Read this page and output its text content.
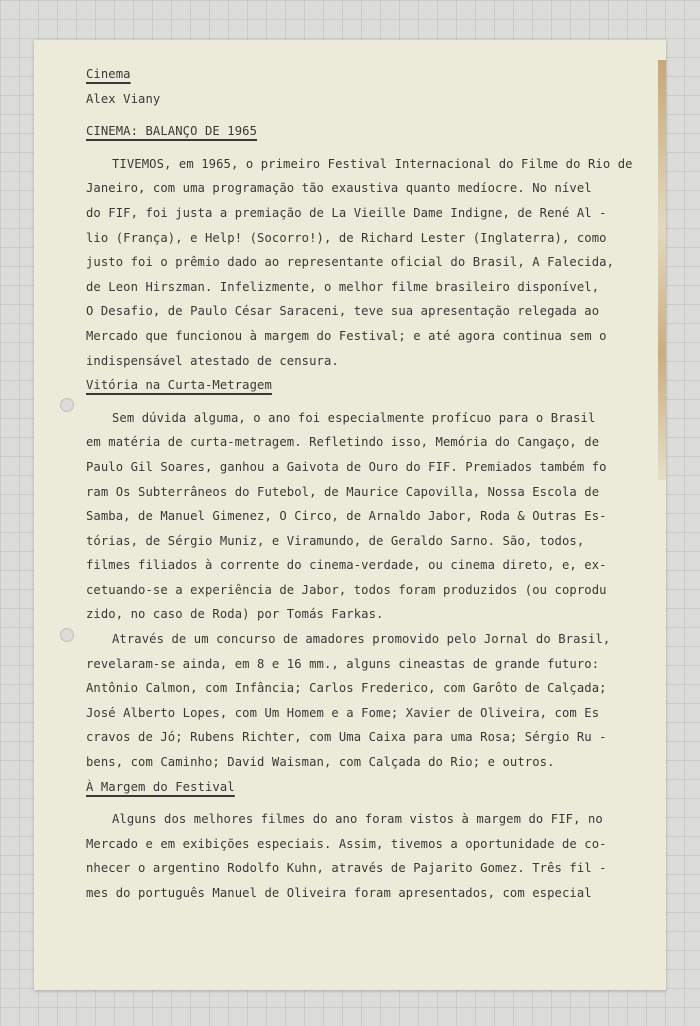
Cinema
Alex Viany
CINEMA: BALANÇO DE 1965
TIVEMOS, em 1965, o primeiro Festival Internacional do Filme do Rio de
Janeiro, com uma programação tão exaustiva quanto medíocre. No nível
do FIF, foi justa a premiação de La Vieille Dame Indigne, de René Al -
lio (França), e Help! (Socorro!), de Richard Lester (Inglaterra), como
justo foi o prêmio dado ao representante oficial do Brasil, A Falecida,
de Leon Hirszman. Infelizmente, o melhor filme brasileiro disponível,
O Desafio, de Paulo César Saraceni, teve sua apresentação relegada ao
Mercado que funcionou à margem do Festival; e até agora continua sem o
indispensável atestado de censura.
Vitória na Curta-Metragem
Sem dúvida alguma, o ano foi especialmente profícuo para o Brasil
em matéria de curta-metragem. Refletindo isso, Memória do Cangaço, de
Paulo Gil Soares, ganhou a Gaivota de Ouro do FIF. Premiados também fo
ram Os Subterrâneos do Futebol, de Maurice Capovilla, Nossa Escola de
Samba, de Manuel Gimenez, O Circo, de Arnaldo Jabor, Roda & Outras Es-
tórias, de Sérgio Muniz, e Viramundo, de Geraldo Sarno. São, todos,
filmes filiados à corrente do cinema-verdade, ou cinema direto, e, ex-
cetuando-se a experiência de Jabor, todos foram produzidos (ou coprodu
zido, no caso de Roda) por Tomás Farkas.
Através de um concurso de amadores promovido pelo Jornal do Brasil,
revelaram-se ainda, em 8 e 16 mm., alguns cineastas de grande futuro:
Antônio Calmon, com Infância; Carlos Frederico, com Garôto de Calçada;
José Alberto Lopes, com Um Homem e a Fome; Xavier de Oliveira, com Es
cravos de Jó; Rubens Richter, com Uma Caixa para uma Rosa; Sérgio Ru -
bens, com Caminho; David Waisman, com Calçada do Rio; e outros.
À Margem do Festival
Alguns dos melhores filmes do ano foram vistos à margem do FIF, no
Mercado e em exibições especiais. Assim, tivemos a oportunidade de co-
nhecer o argentino Rodolfo Kuhn, através de Pajarito Gomez. Três fil -
mes do português Manuel de Oliveira foram apresentados, com especial
